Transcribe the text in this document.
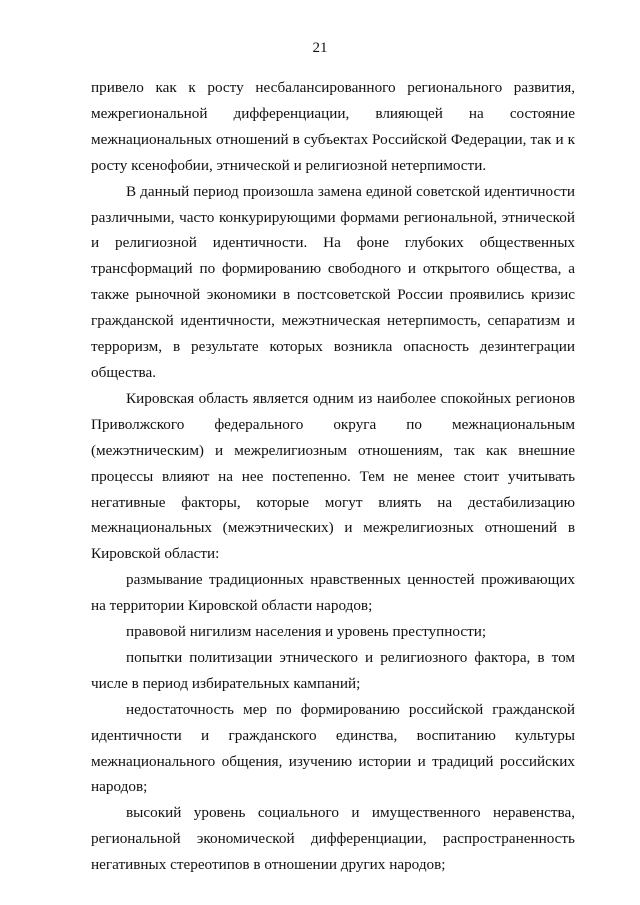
21

привело как к росту несбалансированного регионального развития, межрегиональной дифференциации, влияющей на состояние межнациональных отношений в субъектах Российской Федерации, так и к росту ксенофобии, этнической и религиозной нетерпимости.

В данный период произошла замена единой советской идентичности различными, часто конкурирующими формами региональной, этнической и религиозной идентичности. На фоне глубоких общественных трансформаций по формированию свободного и открытого общества, а также рыночной экономики в постсоветской России проявились кризис гражданской идентичности, межэтническая нетерпимость, сепаратизм и терроризм, в результате которых возникла опасность дезинтеграции общества.

Кировская область является одним из наиболее спокойных регионов Приволжского федерального округа по межнациональным (межэтническим) и межрелигиозным отношениям, так как внешние процессы влияют на нее постепенно. Тем не менее стоит учитывать негативные факторы, которые могут влиять на дестабилизацию межнациональных (межэтнических) и межрелигиозных отношений в Кировской области:

размывание традиционных нравственных ценностей проживающих на территории Кировской области народов;

правовой нигилизм населения и уровень преступности;

попытки политизации этнического и религиозного фактора, в том числе в период избирательных кампаний;

недостаточность мер по формированию российской гражданской идентичности и гражданского единства, воспитанию культуры межнационального общения, изучению истории и традиций российских народов;

высокий уровень социального и имущественного неравенства, региональной экономической дифференциации, распространенность негативных стереотипов в отношении других народов;
